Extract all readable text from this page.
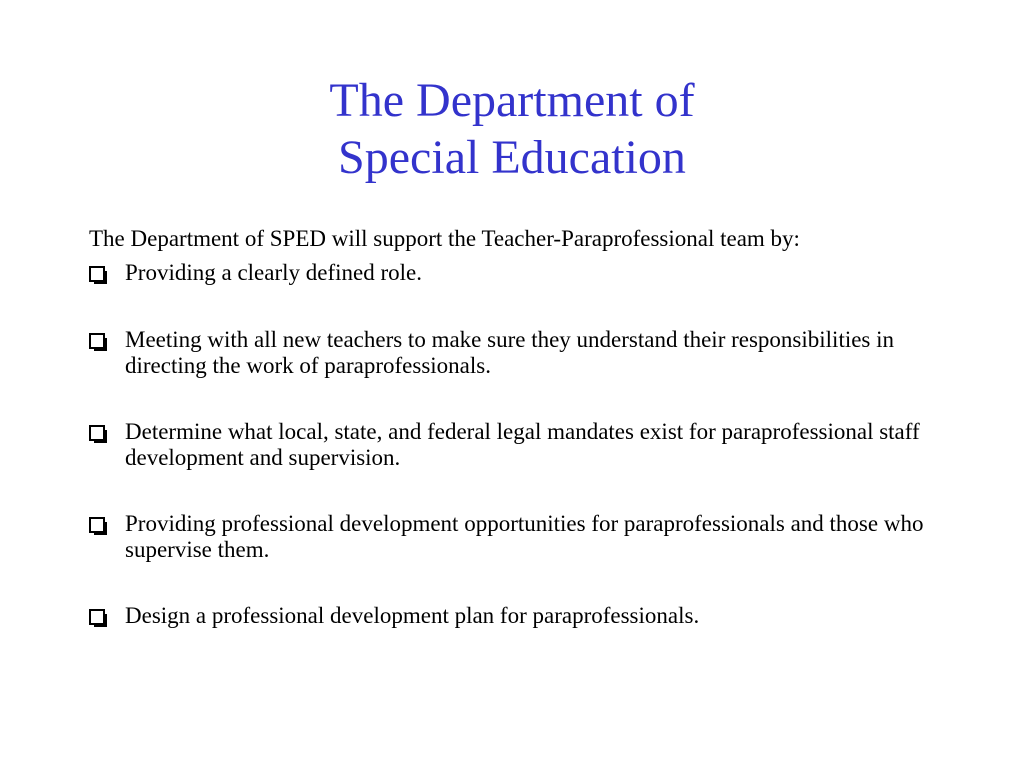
The Department of
Special Education

The Department of SPED will support the Teacher-Paraprofessional team by:

Providing a clearly defined role.
Meeting with all new teachers to make sure they understand their responsibilities in directing the work of paraprofessionals.
Determine what local, state, and federal legal mandates exist for paraprofessional staff development and supervision.
Providing professional development opportunities for paraprofessionals and those who supervise them.
Design a professional development plan for paraprofessionals.
